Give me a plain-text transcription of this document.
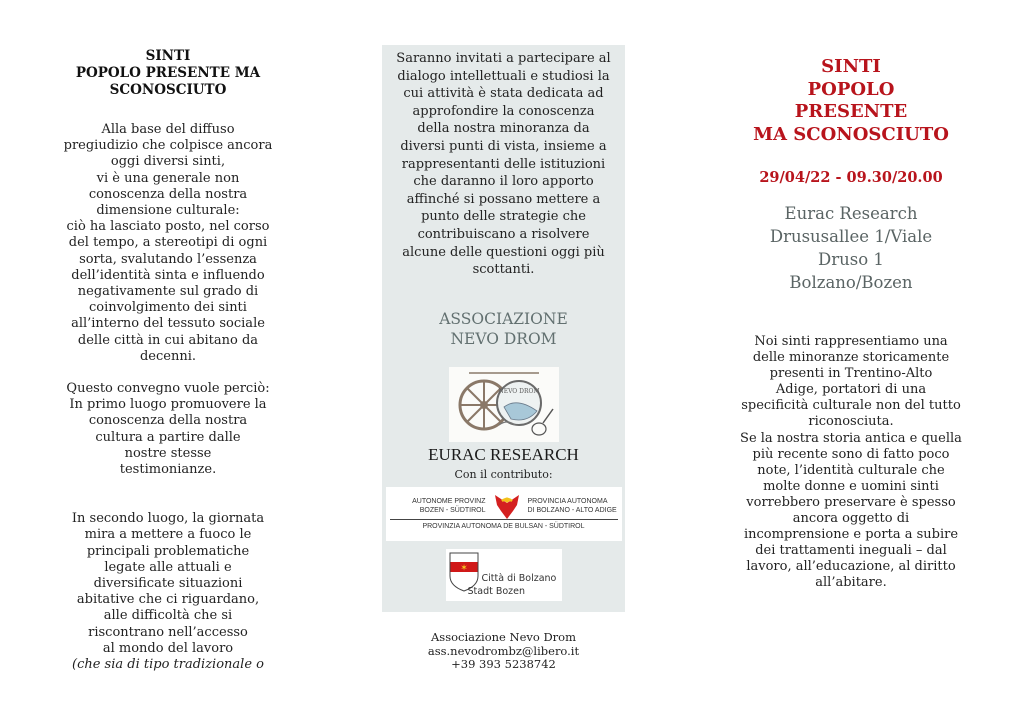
SINTI
POPOLO PRESENTE MA
SCONOSCIUTO
Alla base del diffuso
pregiudizio che colpisce ancora
oggi diversi sinti,
vi è una generale non
conoscenza della nostra
dimensione culturale:
ciò ha lasciato posto, nel corso
del tempo, a stereotipi di ogni
sorta, svalutando l’essenza
dell’identità sinta e influendo
negativamente sul grado di
coinvolgimento dei sinti
all’interno del tessuto sociale
delle città in cui abitano da
decenni.
Questo convegno vuole perciò:
In primo luogo promuovere la
conoscenza della nostra
cultura a partire dalle
nostre stesse
testimonianze.
In secondo luogo, la giornata
mira a mettere a fuoco le
principali problematiche
legate alle attuali e
diversificate situazioni
abitative che ci riguardano,
alle difficoltà che si
riscontrano nell’accesso
al mondo del lavoro
(che sia di tipo tradizionale o
Saranno invitati a partecipare al
dialogo intellettuali e studiosi la
cui attività è stata dedicata ad
approfondire la conoscenza
della nostra minoranza da
diversi punti di vista, insieme a
rappresentanti delle istituzioni
che daranno il loro apporto
affinché si possano mettere a
punto delle strategie che
contribuiscano a risolvere
alcune delle questioni oggi più
scottanti.
ASSOCIAZIONE
NEVO DROM
NEVO DROM
EURAC RESEARCH
Con il contributo:
AUTONOME PROVINZ
BOZEN - SÜDTIROL
PROVINCIA AUTONOMA
DI BOLZANO - ALTO ADIGE
PROVINZIA AUTONOMA DE BULSAN - SÜDTIROL
✶
Città di Bolzano
Stadt Bozen
Associazione Nevo Drom
ass.nevodrombz@libero.it
+39 393 5238742
SINTI
POPOLO
PRESENTE
MA SCONOSCIUTO
29/04/22 - 09.30/20.00
Eurac Research
Drususallee 1/Viale
Druso 1
Bolzano/Bozen
Noi sinti rappresentiamo una
delle minoranze storicamente
presenti in Trentino-Alto
Adige, portatori di una
specificità culturale non del tutto
riconosciuta.
Se la nostra storia antica e quella
più recente sono di fatto poco
note, l’identità culturale che
molte donne e uomini sinti
vorrebbero preservare è spesso
ancora oggetto di
incomprensione e porta a subire
dei trattamenti ineguali – dal
lavoro, all’educazione, al diritto
all’abitare.
